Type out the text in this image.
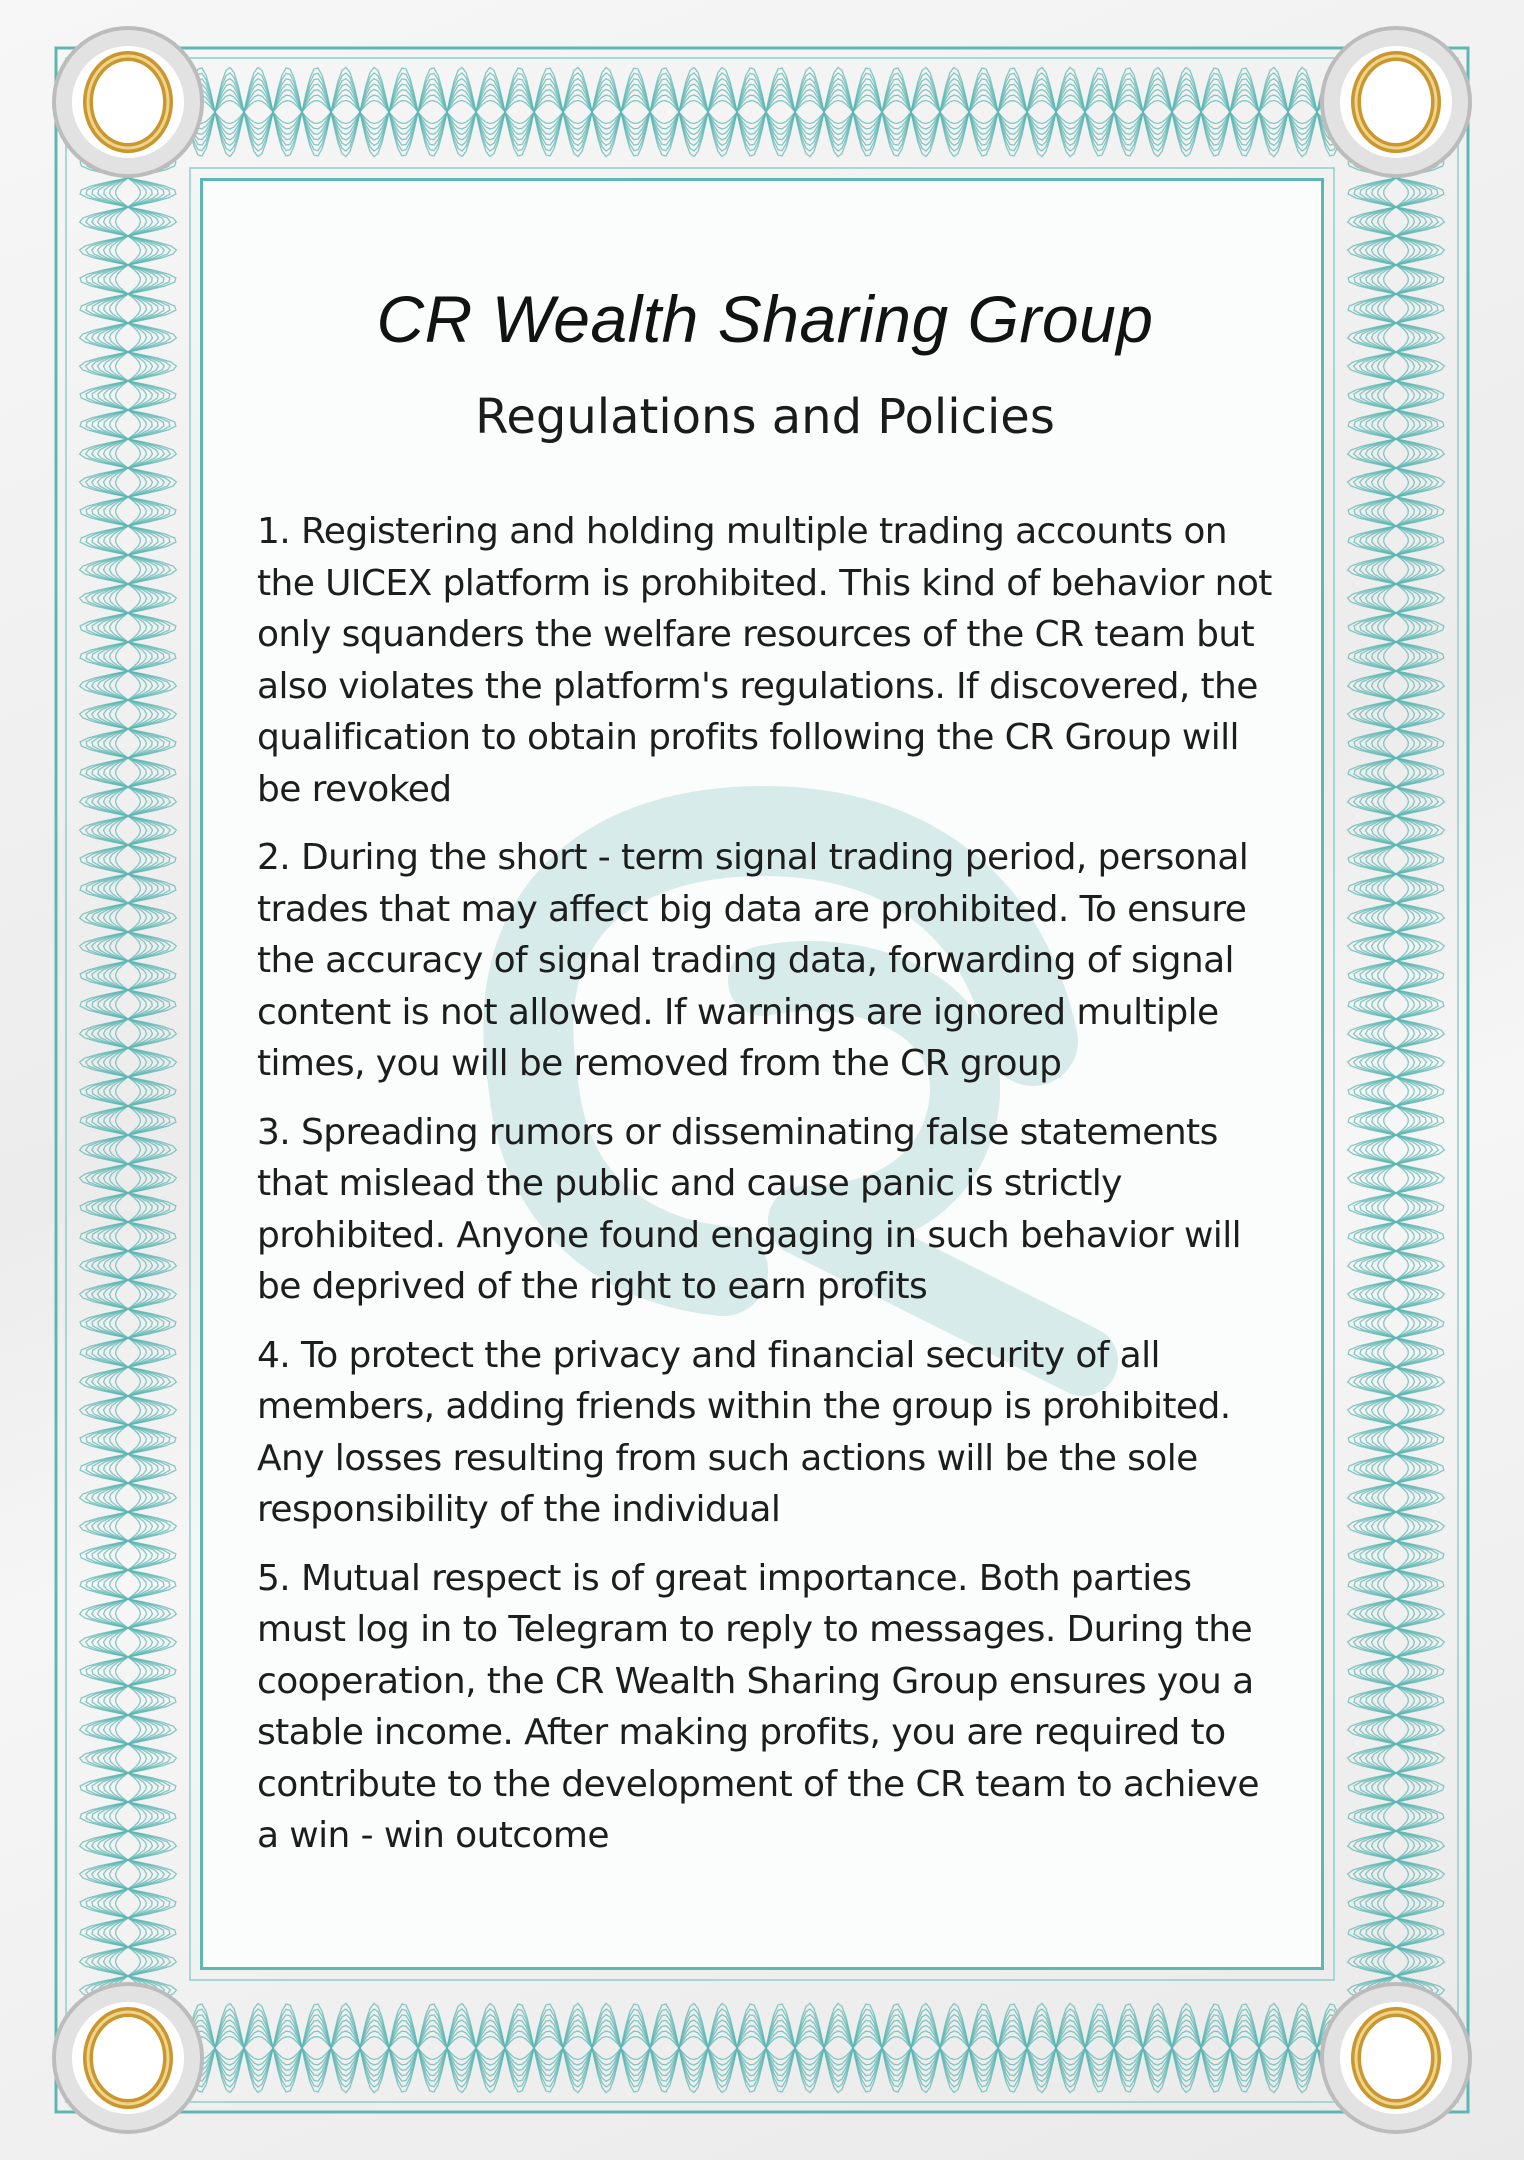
CR Wealth Sharing Group
Regulations and Policies

1. Registering and holding multiple trading accounts on the UICEX platform is prohibited. This kind of behavior not only squanders the welfare resources of the CR team but also violates the platform's regulations. If discovered, the qualification to obtain profits following the CR Group will be revoked

2. During the short - term signal trading period, personal trades that may affect big data are prohibited. To ensure the accuracy of signal trading data, forwarding of signal content is not allowed. If warnings are ignored multiple times, you will be removed from the CR group

3. Spreading rumors or disseminating false statements that mislead the public and cause panic is strictly prohibited. Anyone found engaging in such behavior will be deprived of the right to earn profits

4. To protect the privacy and financial security of all members, adding friends within the group is prohibited. Any losses resulting from such actions will be the sole responsibility of the individual

5. Mutual respect is of great importance. Both parties must log in to Telegram to reply to messages. During the cooperation, the CR Wealth Sharing Group ensures you a stable income. After making profits, you are required to contribute to the development of the CR team to achieve a win - win outcome
